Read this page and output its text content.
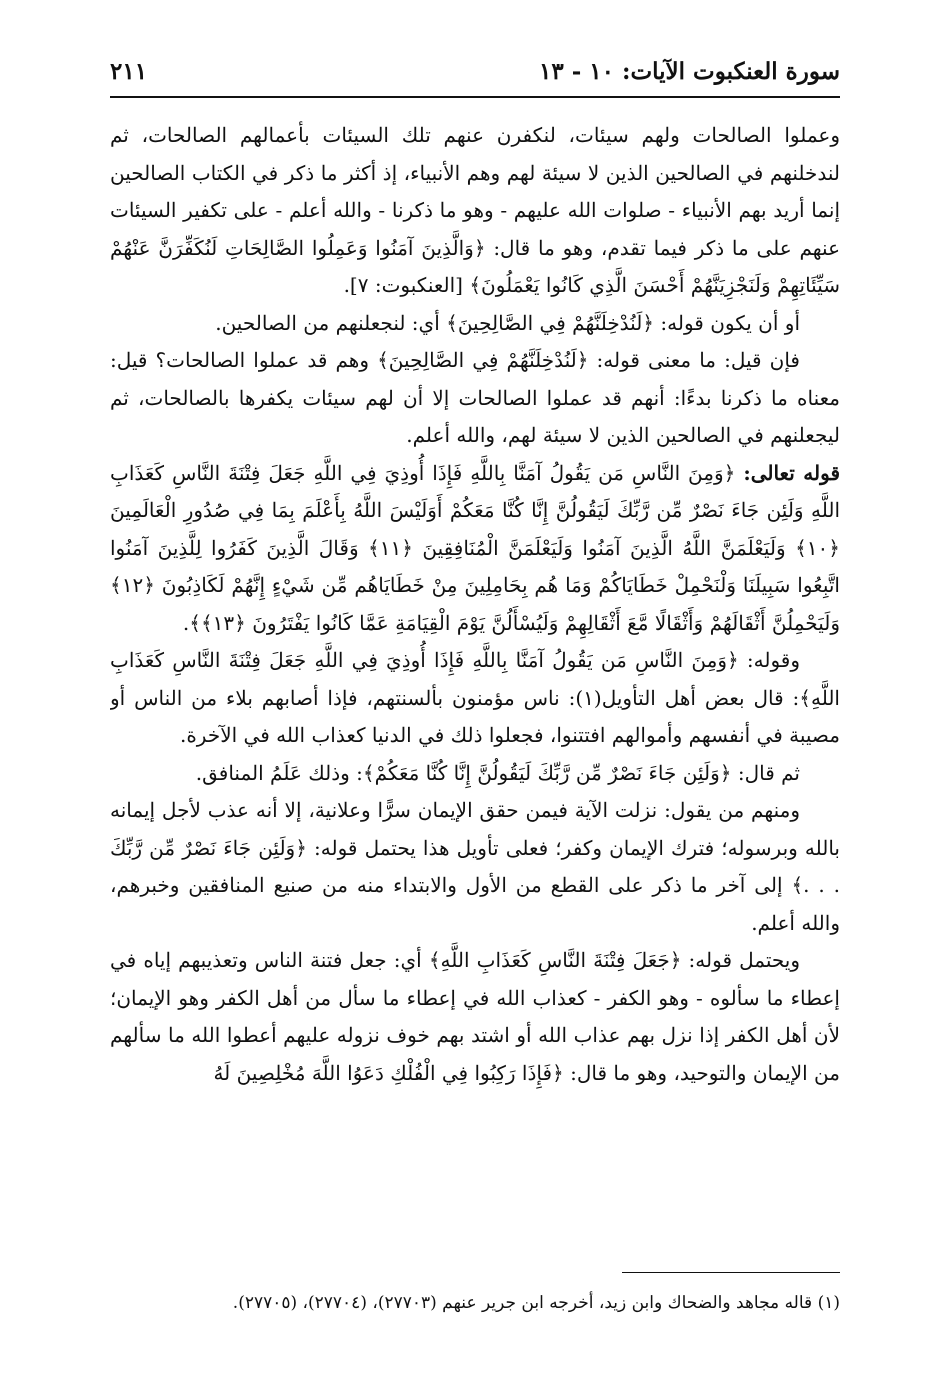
سورة العنكبوت الآيات: ١٠ - ١٣
٢١١

وعملوا الصالحات ولهم سيئات، لنكفرن عنهم تلك السيئات بأعمالهم الصالحات، ثم لندخلنهم في الصالحين الذين لا سيئة لهم وهم الأنبياء، إذ أكثر ما ذكر في الكتاب الصالحين إنما أريد بهم الأنبياء - صلوات الله عليهم - وهو ما ذكرنا - والله أعلم - على تكفير السيئات عنهم على ما ذكر فيما تقدم، وهو ما قال: ﴿وَالَّذِينَ آمَنُوا وَعَمِلُوا الصَّالِحَاتِ لَنُكَفِّرَنَّ عَنْهُمْ سَيِّئَاتِهِمْ وَلَنَجْزِيَنَّهُمْ أَحْسَنَ الَّذِي كَانُوا يَعْمَلُونَ﴾ [العنكبوت: ٧].

أو أن يكون قوله: ﴿لَنُدْخِلَنَّهُمْ فِي الصَّالِحِينَ﴾ أي: لنجعلنهم من الصالحين.

فإن قيل: ما معنى قوله: ﴿لَنُدْخِلَنَّهُمْ فِي الصَّالِحِينَ﴾ وهم قد عملوا الصالحات؟ قيل: معناه ما ذكرنا بدءًا: أنهم قد عملوا الصالحات إلا أن لهم سيئات يكفرها بالصالحات، ثم ليجعلنهم في الصالحين الذين لا سيئة لهم، والله أعلم.

قوله تعالى: ﴿وَمِنَ النَّاسِ مَن يَقُولُ آمَنَّا بِاللَّهِ فَإِذَا أُوذِيَ فِي اللَّهِ جَعَلَ فِتْنَةَ النَّاسِ كَعَذَابِ اللَّهِ وَلَئِن جَاءَ نَصْرٌ مِّن رَّبِّكَ لَيَقُولُنَّ إِنَّا كُنَّا مَعَكُمْ أَوَلَيْسَ اللَّهُ بِأَعْلَمَ بِمَا فِي صُدُورِ الْعَالَمِينَ ﴿١٠﴾ وَلَيَعْلَمَنَّ اللَّهُ الَّذِينَ آمَنُوا وَلَيَعْلَمَنَّ الْمُنَافِقِينَ ﴿١١﴾ وَقَالَ الَّذِينَ كَفَرُوا لِلَّذِينَ آمَنُوا اتَّبِعُوا سَبِيلَنَا وَلْنَحْمِلْ خَطَايَاكُمْ وَمَا هُم بِحَامِلِينَ مِنْ خَطَايَاهُم مِّن شَيْءٍ إِنَّهُمْ لَكَاذِبُونَ ﴿١٢﴾ وَلَيَحْمِلُنَّ أَثْقَالَهُمْ وَأَثْقَالًا مَّعَ أَثْقَالِهِمْ وَلَيُسْأَلُنَّ يَوْمَ الْقِيَامَةِ عَمَّا كَانُوا يَفْتَرُونَ ﴿١٣﴾﴾.

وقوله: ﴿وَمِنَ النَّاسِ مَن يَقُولُ آمَنَّا بِاللَّهِ فَإِذَا أُوذِيَ فِي اللَّهِ جَعَلَ فِتْنَةَ النَّاسِ كَعَذَابِ اللَّهِ﴾: قال بعض أهل التأويل(١): ناس مؤمنون بألسنتهم، فإذا أصابهم بلاء من الناس أو مصيبة في أنفسهم وأموالهم افتتنوا، فجعلوا ذلك في الدنيا كعذاب الله في الآخرة.

ثم قال: ﴿وَلَئِن جَاءَ نَصْرٌ مِّن رَّبِّكَ لَيَقُولُنَّ إِنَّا كُنَّا مَعَكُمْ﴾: وذلك عَلَمُ المنافق.

ومنهم من يقول: نزلت الآية فيمن حقق الإيمان سرًّا وعلانية، إلا أنه عذب لأجل إيمانه بالله وبرسوله؛ فترك الإيمان وكفر؛ فعلى تأويل هذا يحتمل قوله: ﴿وَلَئِن جَاءَ نَصْرٌ مِّن رَّبِّكَ . . .﴾ إلى آخر ما ذكر على القطع من الأول والابتداء منه من صنيع المنافقين وخبرهم، والله أعلم.

ويحتمل قوله: ﴿جَعَلَ فِتْنَةَ النَّاسِ كَعَذَابِ اللَّهِ﴾ أي: جعل فتنة الناس وتعذيبهم إياه في إعطاء ما سألوه - وهو الكفر - كعذاب الله في إعطاء ما سأل من أهل الكفر وهو الإيمان؛ لأن أهل الكفر إذا نزل بهم عذاب الله أو اشتد بهم خوف نزوله عليهم أعطوا الله ما سألهم من الإيمان والتوحيد، وهو ما قال: ﴿فَإِذَا رَكِبُوا فِي الْفُلْكِ دَعَوُا اللَّهَ مُخْلِصِينَ لَهُ

(١) قاله مجاهد والضحاك وابن زيد، أخرجه ابن جرير عنهم (٢٧٧٠٣)، (٢٧٧٠٤)، (٢٧٧٠٥).
